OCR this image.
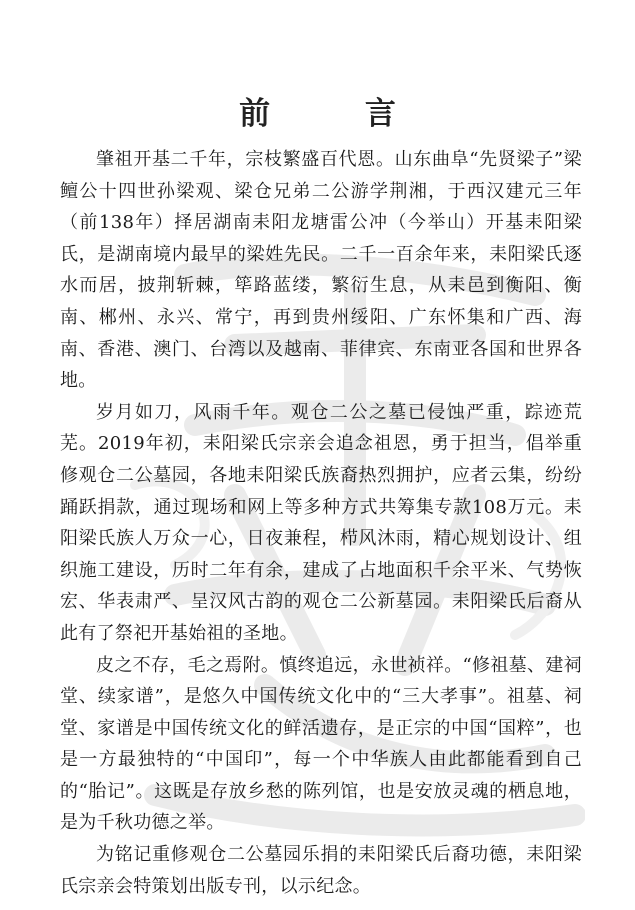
前 言

肇祖开基二千年，宗枝繁盛百代恩。山东曲阜“先贤梁子”梁鳣公十四世孙梁观、梁仓兄弟二公游学荆湘，于西汉建元三年（前138年）择居湖南耒阳龙塘雷公冲（今举山）开基耒阳梁氏，是湖南境内最早的梁姓先民。二千一百余年来，耒阳梁氏逐水而居，披荆斩棘，筚路蓝缕，繁衍生息，从耒邑到衡阳、衡南、郴州、永兴、常宁，再到贵州绥阳、广东怀集和广西、海南、香港、澳门、台湾以及越南、菲律宾、东南亚各国和世界各地。

岁月如刀，风雨千年。观仓二公之墓已侵蚀严重，踪迹荒芜。2019年初，耒阳梁氏宗亲会追念祖恩，勇于担当，倡举重修观仓二公墓园，各地耒阳梁氏族裔热烈拥护，应者云集，纷纷踊跃捐款，通过现场和网上等多种方式共筹集专款108万元。耒阳梁氏族人万众一心，日夜兼程，栉风沐雨，精心规划设计、组织施工建设，历时二年有余，建成了占地面积千余平米、气势恢宏、华表肃严、呈汉风古韵的观仓二公新墓园。耒阳梁氏后裔从此有了祭祀开基始祖的圣地。

皮之不存，毛之焉附。慎终追远，永世祯祥。“修祖墓、建祠堂、续家谱”，是悠久中国传统文化中的“三大孝事”。祖墓、祠堂、家谱是中国传统文化的鲜活遗存，是正宗的中国“国粹”，也是一方最独特的“中国印”，每一个中华族人由此都能看到自己的“胎记”。这既是存放乡愁的陈列馆，也是安放灵魂的栖息地，是为千秋功德之举。

为铭记重修观仓二公墓园乐捐的耒阳梁氏后裔功德，耒阳梁氏宗亲会特策划出版专刊，以示纪念。
